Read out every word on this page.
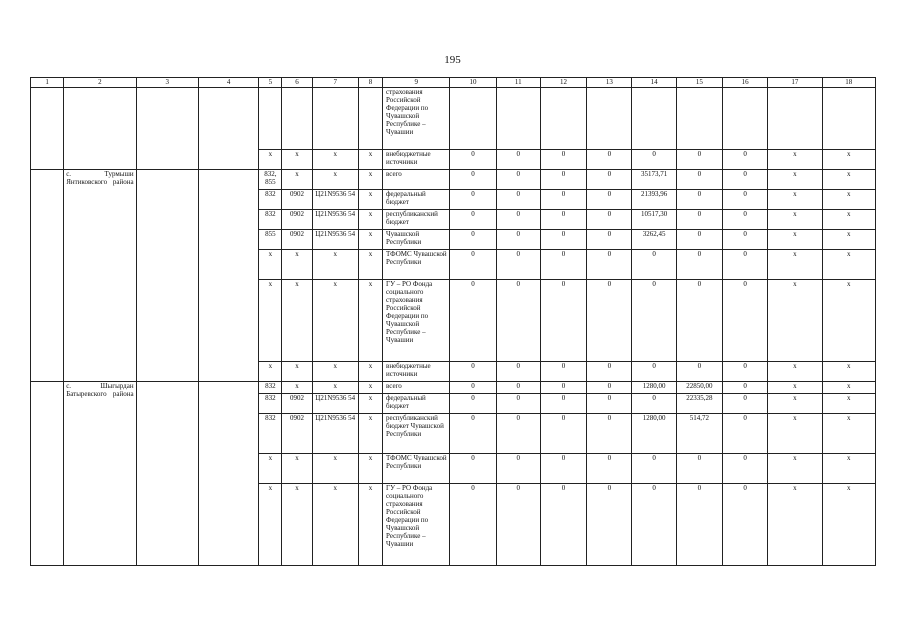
195
1	2	3	4	5	6	7	8	9	10	11	12	13	14	15	16	17	18
								страхования Российской Федерации по Чувашской Республике – Чувашии									
				х	х	х	х	внебюджетные источники	0	0	0	0	0	0	0	х	х
	с. Турмыши Янтиковского района			832, 855	х	х	х	всего	0	0	0	0	35173,71	0	0	х	х
				832	0902	Ц21N9536 54	х	федеральный бюджет	0	0	0	0	21393,96	0	0	х	х
				832	0902	Ц21N9536 54	х	республиканский бюджет	0	0	0	0	10517,30	0	0	х	х
				855	0902	Ц21N9536 54	х	Чувашской Республики	0	0	0	0	3262,45	0	0	х	х
				х	х	х	х	ТФОМС Чувашской Республики	0	0	0	0	0	0	0	х	х
				х	х	х	х	ГУ – РО Фонда социального страхования Российской Федерации по Чувашской Республике – Чувашии	0	0	0	0	0	0	0	х	х
				х	х	х	х	внебюджетные источники	0	0	0	0	0	0	0	х	х
	с. Шыгырдан Батыревского района			832	х	х	х	всего	0	0	0	0	1280,00	22850,00	0	х	х
				832	0902	Ц21N9536 54	х	федеральный бюджет	0	0	0	0	0	22335,28	0	х	х
				832	0902	Ц21N9536 54	х	республиканский бюджет Чувашской Республики	0	0	0	0	1280,00	514,72	0	х	х
				х	х	х	х	ТФОМС Чувашской Республики	0	0	0	0	0	0	0	х	х
				х	х	х	х	ГУ – РО Фонда социального страхования Российской Федерации по Чувашской Республике – Чувашии	0	0	0	0	0	0	0	х	х
